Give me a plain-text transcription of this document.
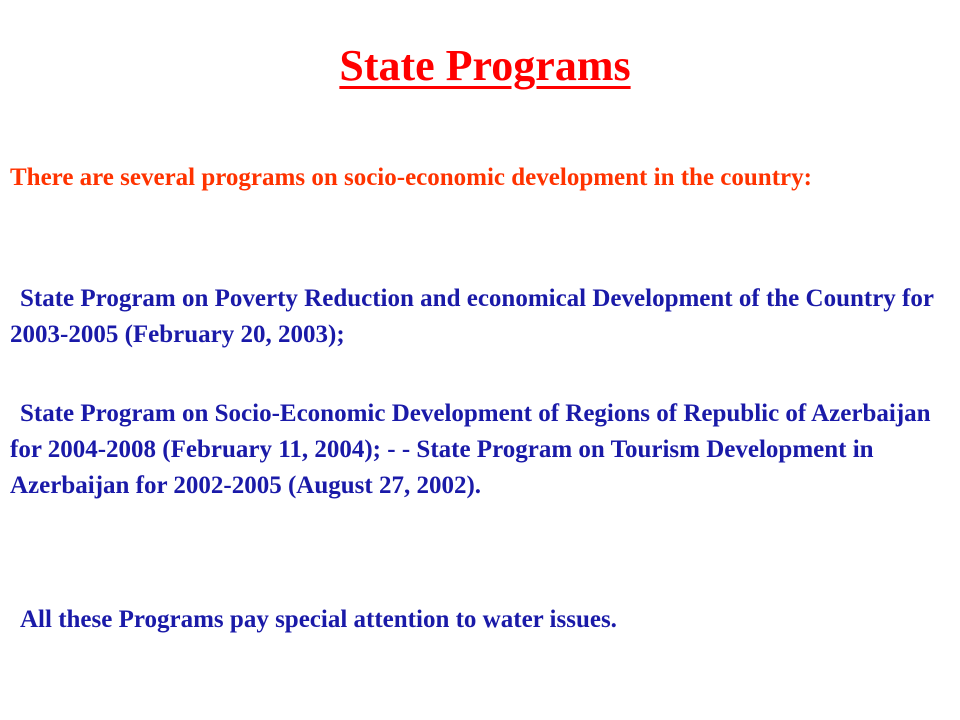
State Programs

There are several programs on socio-economic development in the country:

State Program on Poverty Reduction and economical Development of the Country for 2003-2005 (February 20, 2003);

State Program on Socio-Economic Development of Regions of Republic of Azerbaijan for 2004-2008 (February 11, 2004); - - State Program on Tourism Development in Azerbaijan for 2002-2005 (August 27, 2002).

All these Programs pay special attention to water issues.
